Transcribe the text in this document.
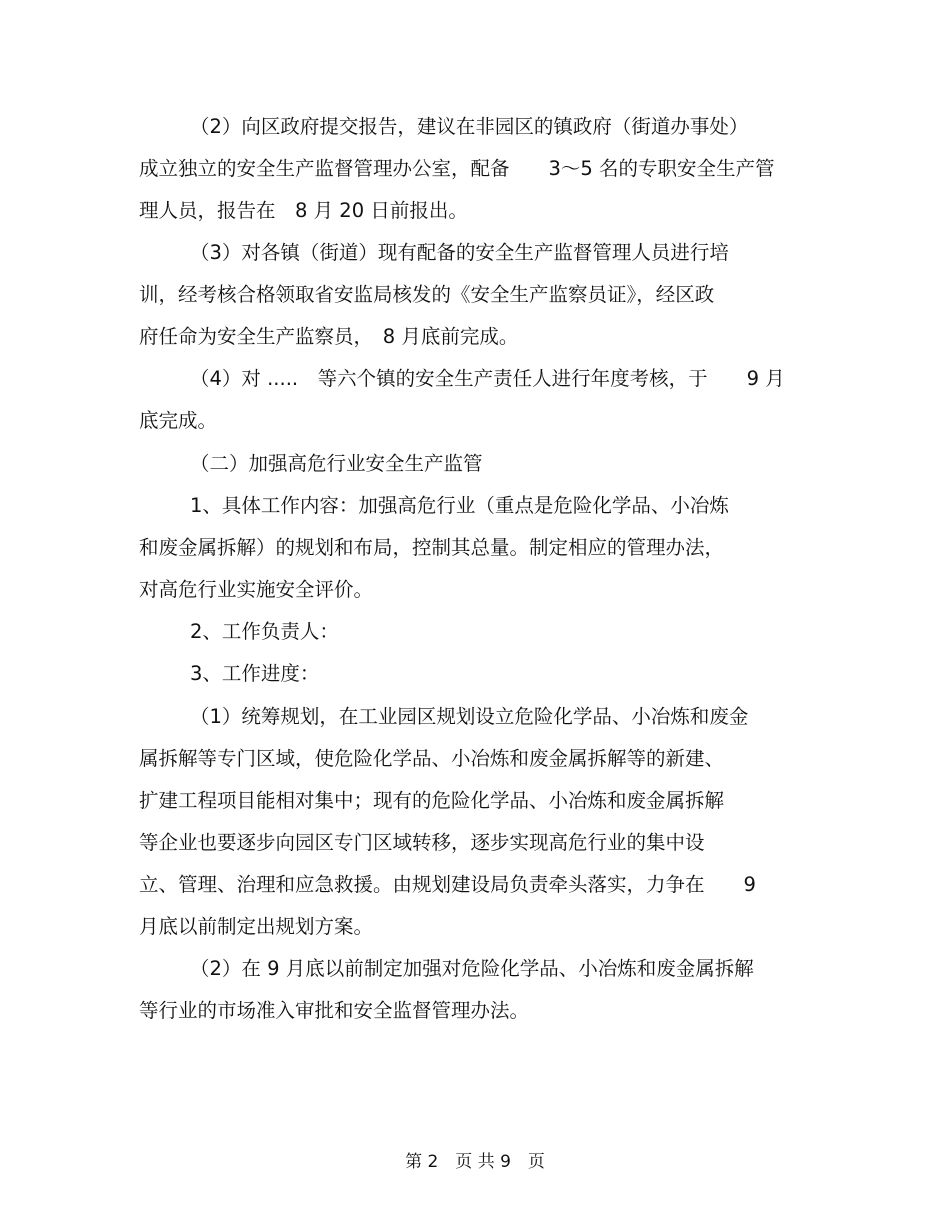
（2）向区政府提交报告，建议在非园区的镇政府（街道办事处）
成立独立的安全生产监督管理办公室，配备　　3～5 名的专职安全生产管
理人员，报告在　8 月 20 日前报出。
（3）对各镇（街道）现有配备的安全生产监督管理人员进行培
训，经考核合格领取省安监局核发的《安全生产监察员证》，经区政
府任命为安全生产监察员，　8 月底前完成。
（4）对 .....　等六个镇的安全生产责任人进行年度考核，于　　9 月
底完成。
（二）加强高危行业安全生产监管
1、具体工作内容：加强高危行业（重点是危险化学品、小冶炼
和废金属拆解）的规划和布局，控制其总量。制定相应的管理办法，
对高危行业实施安全评价。
2、工作负责人：
3、工作进度：
（1）统筹规划，在工业园区规划设立危险化学品、小冶炼和废金
属拆解等专门区域，使危险化学品、小冶炼和废金属拆解等的新建、
扩建工程项目能相对集中；现有的危险化学品、小冶炼和废金属拆解
等企业也要逐步向园区专门区域转移，逐步实现高危行业的集中设
立、管理、治理和应急救援。由规划建设局负责牵头落实，力争在　　9
月底以前制定出规划方案。
（2）在 9 月底以前制定加强对危险化学品、小冶炼和废金属拆解
等行业的市场准入审批和安全监督管理办法。
第 2　页 共 9　页
